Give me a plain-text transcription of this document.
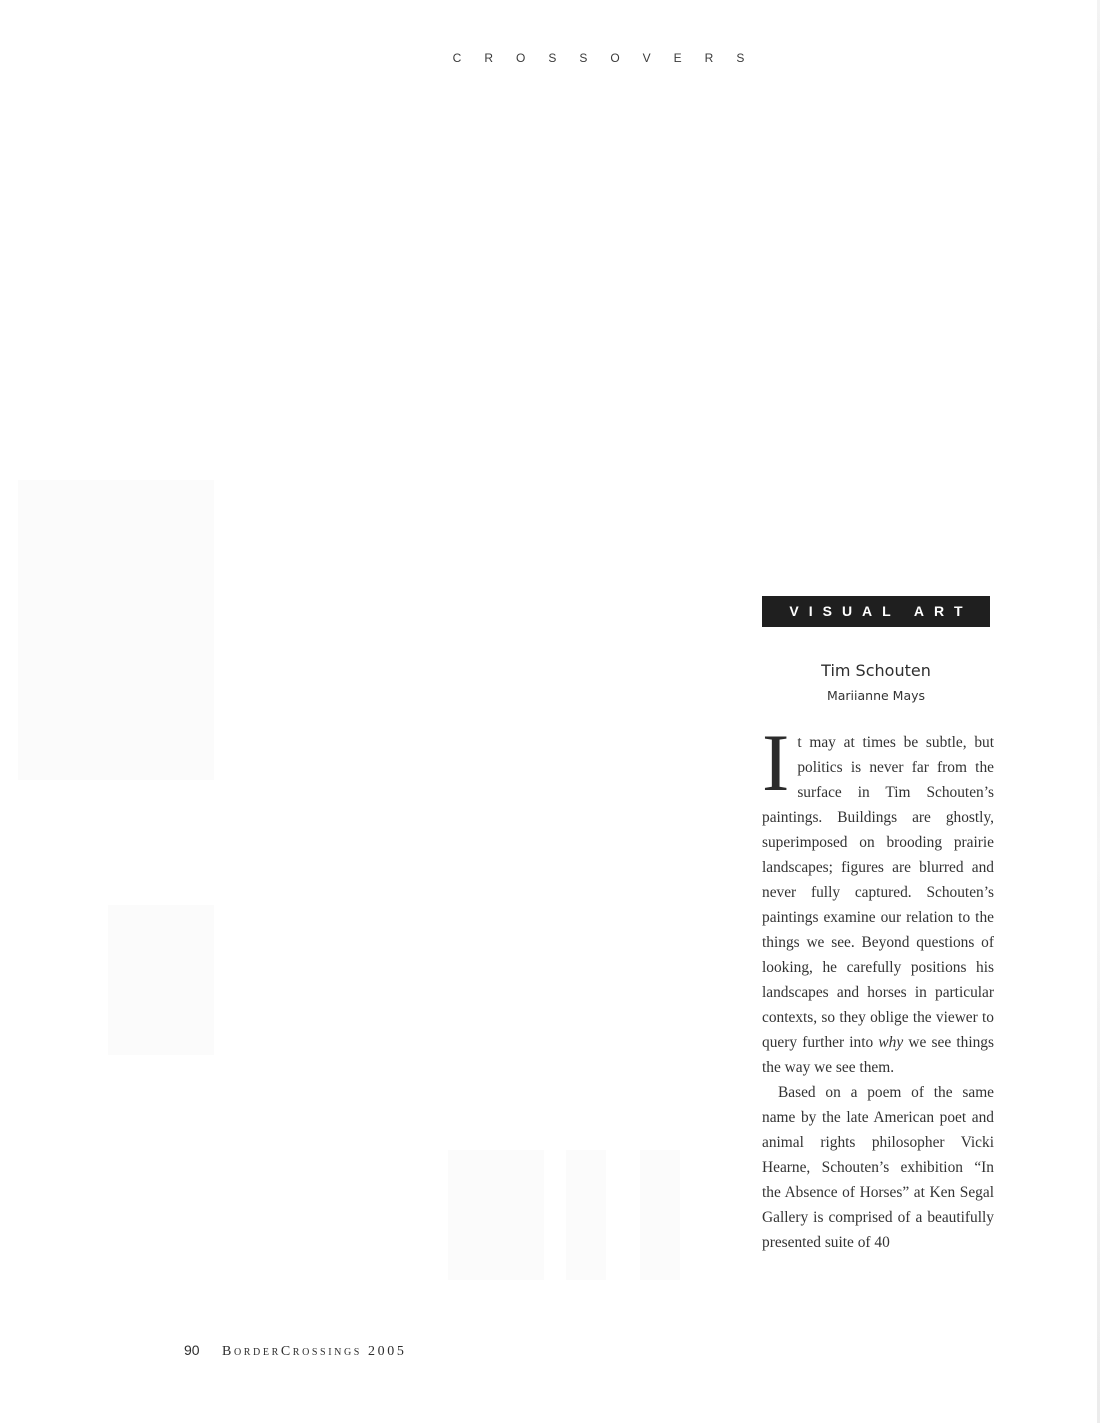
CROSSOVERS
VISUAL ART
Tim Schouten
Mariianne Mays

It may at times be subtle, but politics is never far from the surface in Tim Schouten’s paintings. Buildings are ghostly, superimposed on brooding prairie landscapes; figures are blurred and never fully captured. Schouten’s paintings examine our relation to the things we see. Beyond questions of looking, he carefully positions his landscapes and horses in particular contexts, so they oblige the viewer to query further into why we see things the way we see them.

Based on a poem of the same name by the late American poet and animal rights philosopher Vicki Hearne, Schouten’s exhibition “In the Absence of Horses” at Ken Segal Gallery is comprised of a beautifully presented suite of 40

90 BorderCrossings 2005
